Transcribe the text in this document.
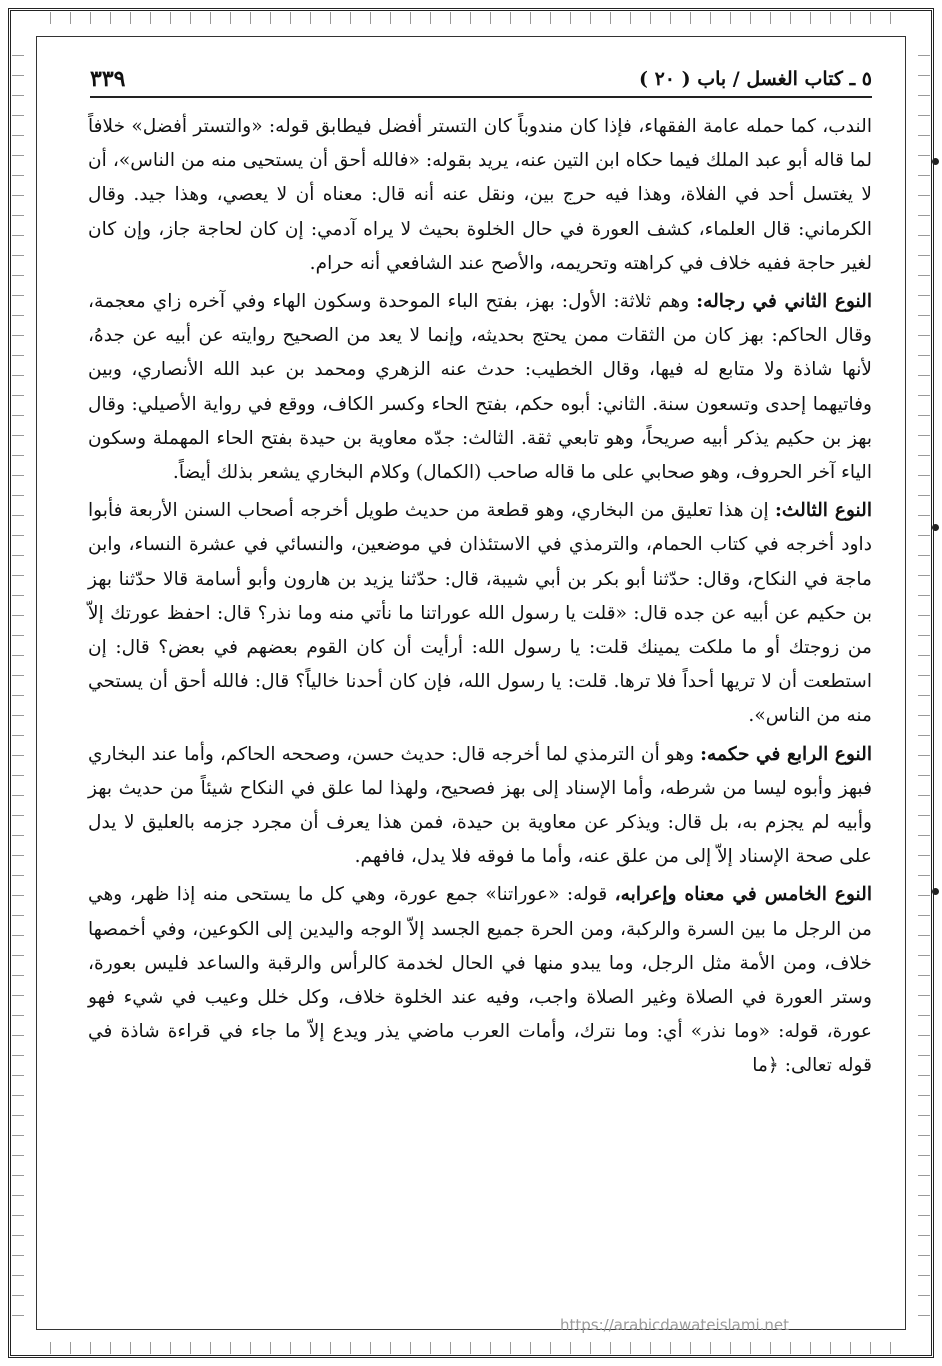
٥ ـ كتاب الغسل / باب ( ٢٠ )
٣٣٩

الندب، كما حمله عامة الفقهاء، فإذا كان مندوباً كان التستر أفضل فيطابق قوله: «والتستر أفضل» خلافاً لما قاله أبو عبد الملك فيما حكاه ابن التين عنه، يريد بقوله: «فالله أحق أن يستحيى منه من الناس»، أن لا يغتسل أحد في الفلاة، وهذا فيه حرج بين، ونقل عنه أنه قال: معناه أن لا يعصي، وهذا جيد. وقال الكرماني: قال العلماء، كشف العورة في حال الخلوة بحيث لا يراه آدمي: إن كان لحاجة جاز، وإن كان لغير حاجة ففيه خلاف في كراهته وتحريمه، والأصح عند الشافعي أنه حرام.

النوع الثاني في رجاله: وهم ثلاثة: الأول: بهز، بفتح الباء الموحدة وسكون الهاء وفي آخره زاي معجمة، وقال الحاكم: بهز كان من الثقات ممن يحتج بحديثه، وإنما لا يعد من الصحيح روايته عن أبيه عن جدهُ، لأنها شاذة ولا متابع له فيها، وقال الخطيب: حدث عنه الزهري ومحمد بن عبد الله الأنصاري، وبين وفاتيهما إحدى وتسعون سنة. الثاني: أبوه حكم، بفتح الحاء وكسر الكاف، ووقع في رواية الأصيلي: وقال بهز بن حكيم يذكر أبيه صريحاً، وهو تابعي ثقة. الثالث: جدّه معاوية بن حيدة بفتح الحاء المهملة وسكون الياء آخر الحروف، وهو صحابي على ما قاله صاحب (الكمال) وكلام البخاري يشعر بذلك أيضاً.

النوع الثالث: إن هذا تعليق من البخاري، وهو قطعة من حديث طويل أخرجه أصحاب السنن الأربعة فأبوا داود أخرجه في كتاب الحمام، والترمذي في الاستئذان في موضعين، والنسائي في عشرة النساء، وابن ماجة في النكاح، وقال: حدّثنا أبو بكر بن أبي شيبة، قال: حدّثنا يزيد بن هارون وأبو أسامة قالا حدّثنا بهز بن حكيم عن أبيه عن جده قال: «قلت يا رسول الله عوراتنا ما نأتي منه وما نذر؟ قال: احفظ عورتك إلاّ من زوجتك أو ما ملكت يمينك قلت: يا رسول الله: أرأيت أن كان القوم بعضهم في بعض؟ قال: إن استطعت أن لا تريها أحداً فلا ترها. قلت: يا رسول الله، فإن كان أحدنا خالياً؟ قال: فالله أحق أن يستحي منه من الناس».

النوع الرابع في حكمه: وهو أن الترمذي لما أخرجه قال: حديث حسن، وصححه الحاكم، وأما عند البخاري فبهز وأبوه ليسا من شرطه، وأما الإسناد إلى بهز فصحيح، ولهذا لما علق في النكاح شيئاً من حديث بهز وأبيه لم يجزم به، بل قال: ويذكر عن معاوية بن حيدة، فمن هذا يعرف أن مجرد جزمه بالعليق لا يدل على صحة الإسناد إلاّ إلى من علق عنه، وأما ما فوقه فلا يدل، فافهم.

النوع الخامس في معناه وإعرابه، قوله: «عوراتنا» جمع عورة، وهي كل ما يستحى منه إذا ظهر، وهي من الرجل ما بين السرة والركبة، ومن الحرة جميع الجسد إلاّ الوجه واليدين إلى الكوعين، وفي أخمصها خلاف، ومن الأمة مثل الرجل، وما يبدو منها في الحال لخدمة كالرأس والرقبة والساعد فليس بعورة، وستر العورة في الصلاة وغير الصلاة واجب، وفيه عند الخلوة خلاف، وكل خلل وعيب في شيء فهو عورة، قوله: «وما نذر» أي: وما نترك، وأمات العرب ماضي يذر ويدع إلاّ ما جاء في قراءة شاذة في قوله تعالى: ﴿ما

https://arabicdawateislami.net
